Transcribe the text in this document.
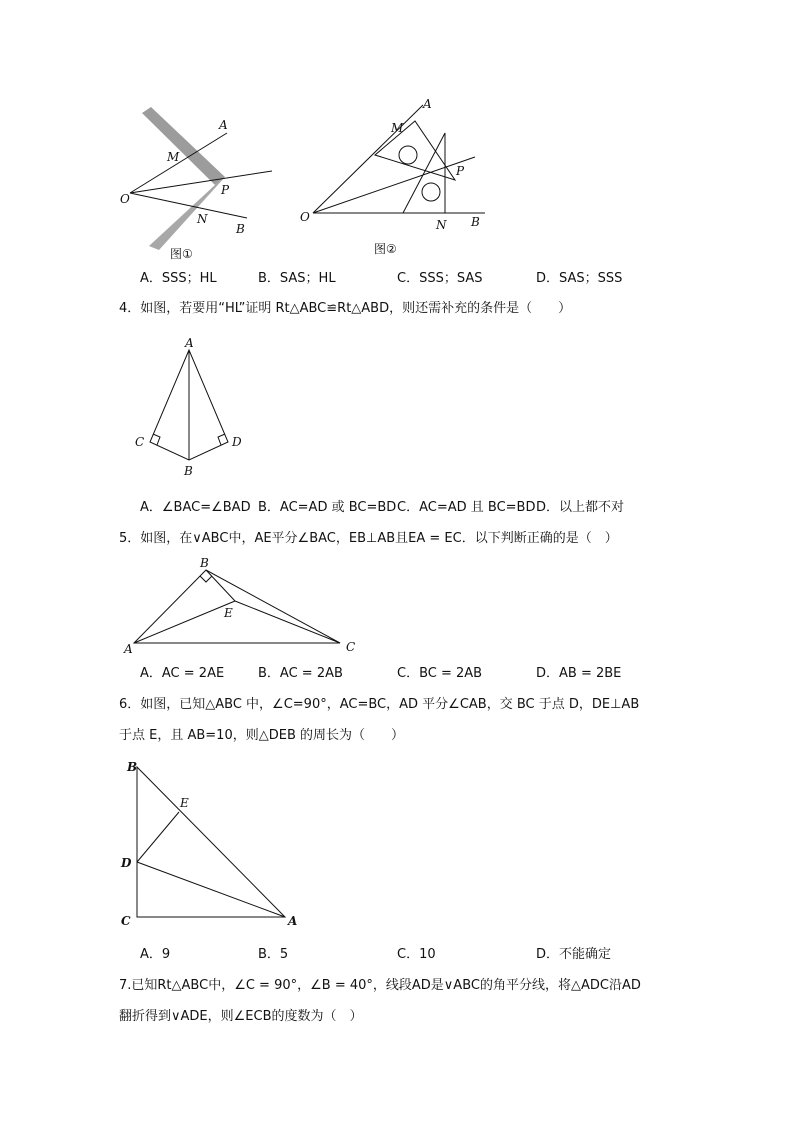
A
M
O
P
N
B
图①
A
M
O
P
N B
图②
A．SSS；HL	B．SAS；HL	C．SSS；SAS	D．SAS；SSS
4．如图，若要用“HL”证明 Rt△ABC≌Rt△ABD，则还需补充的条件是（　　）
A
C	D
B
A．∠BAC=∠BAD B．AC=AD 或 BC=BD C．AC=AD 且 BC=BD D．以上都不对
5．如图，在∨ABC中，AE平分∠BAC，EB⊥AB且EA = EC．以下判断正确的是（　）
B
E
A	C
A．AC = 2AE	B．AC = 2AB	C．BC = 2AB	D．AB = 2BE
6．如图，已知△ABC 中，∠C=90°，AC=BC，AD 平分∠CAB，交 BC 于点 D，DE⊥AB
于点 E，且 AB=10，则△DEB 的周长为（　　）
B
E
D
C	A
A．9	B．5	C．10	D．不能确定
7.已知Rt△ABC中，∠C = 90°，∠B = 40°，线段AD是∨ABC的角平分线，将△ADC沿AD
翻折得到∨ADE，则∠ECB的度数为（　）
